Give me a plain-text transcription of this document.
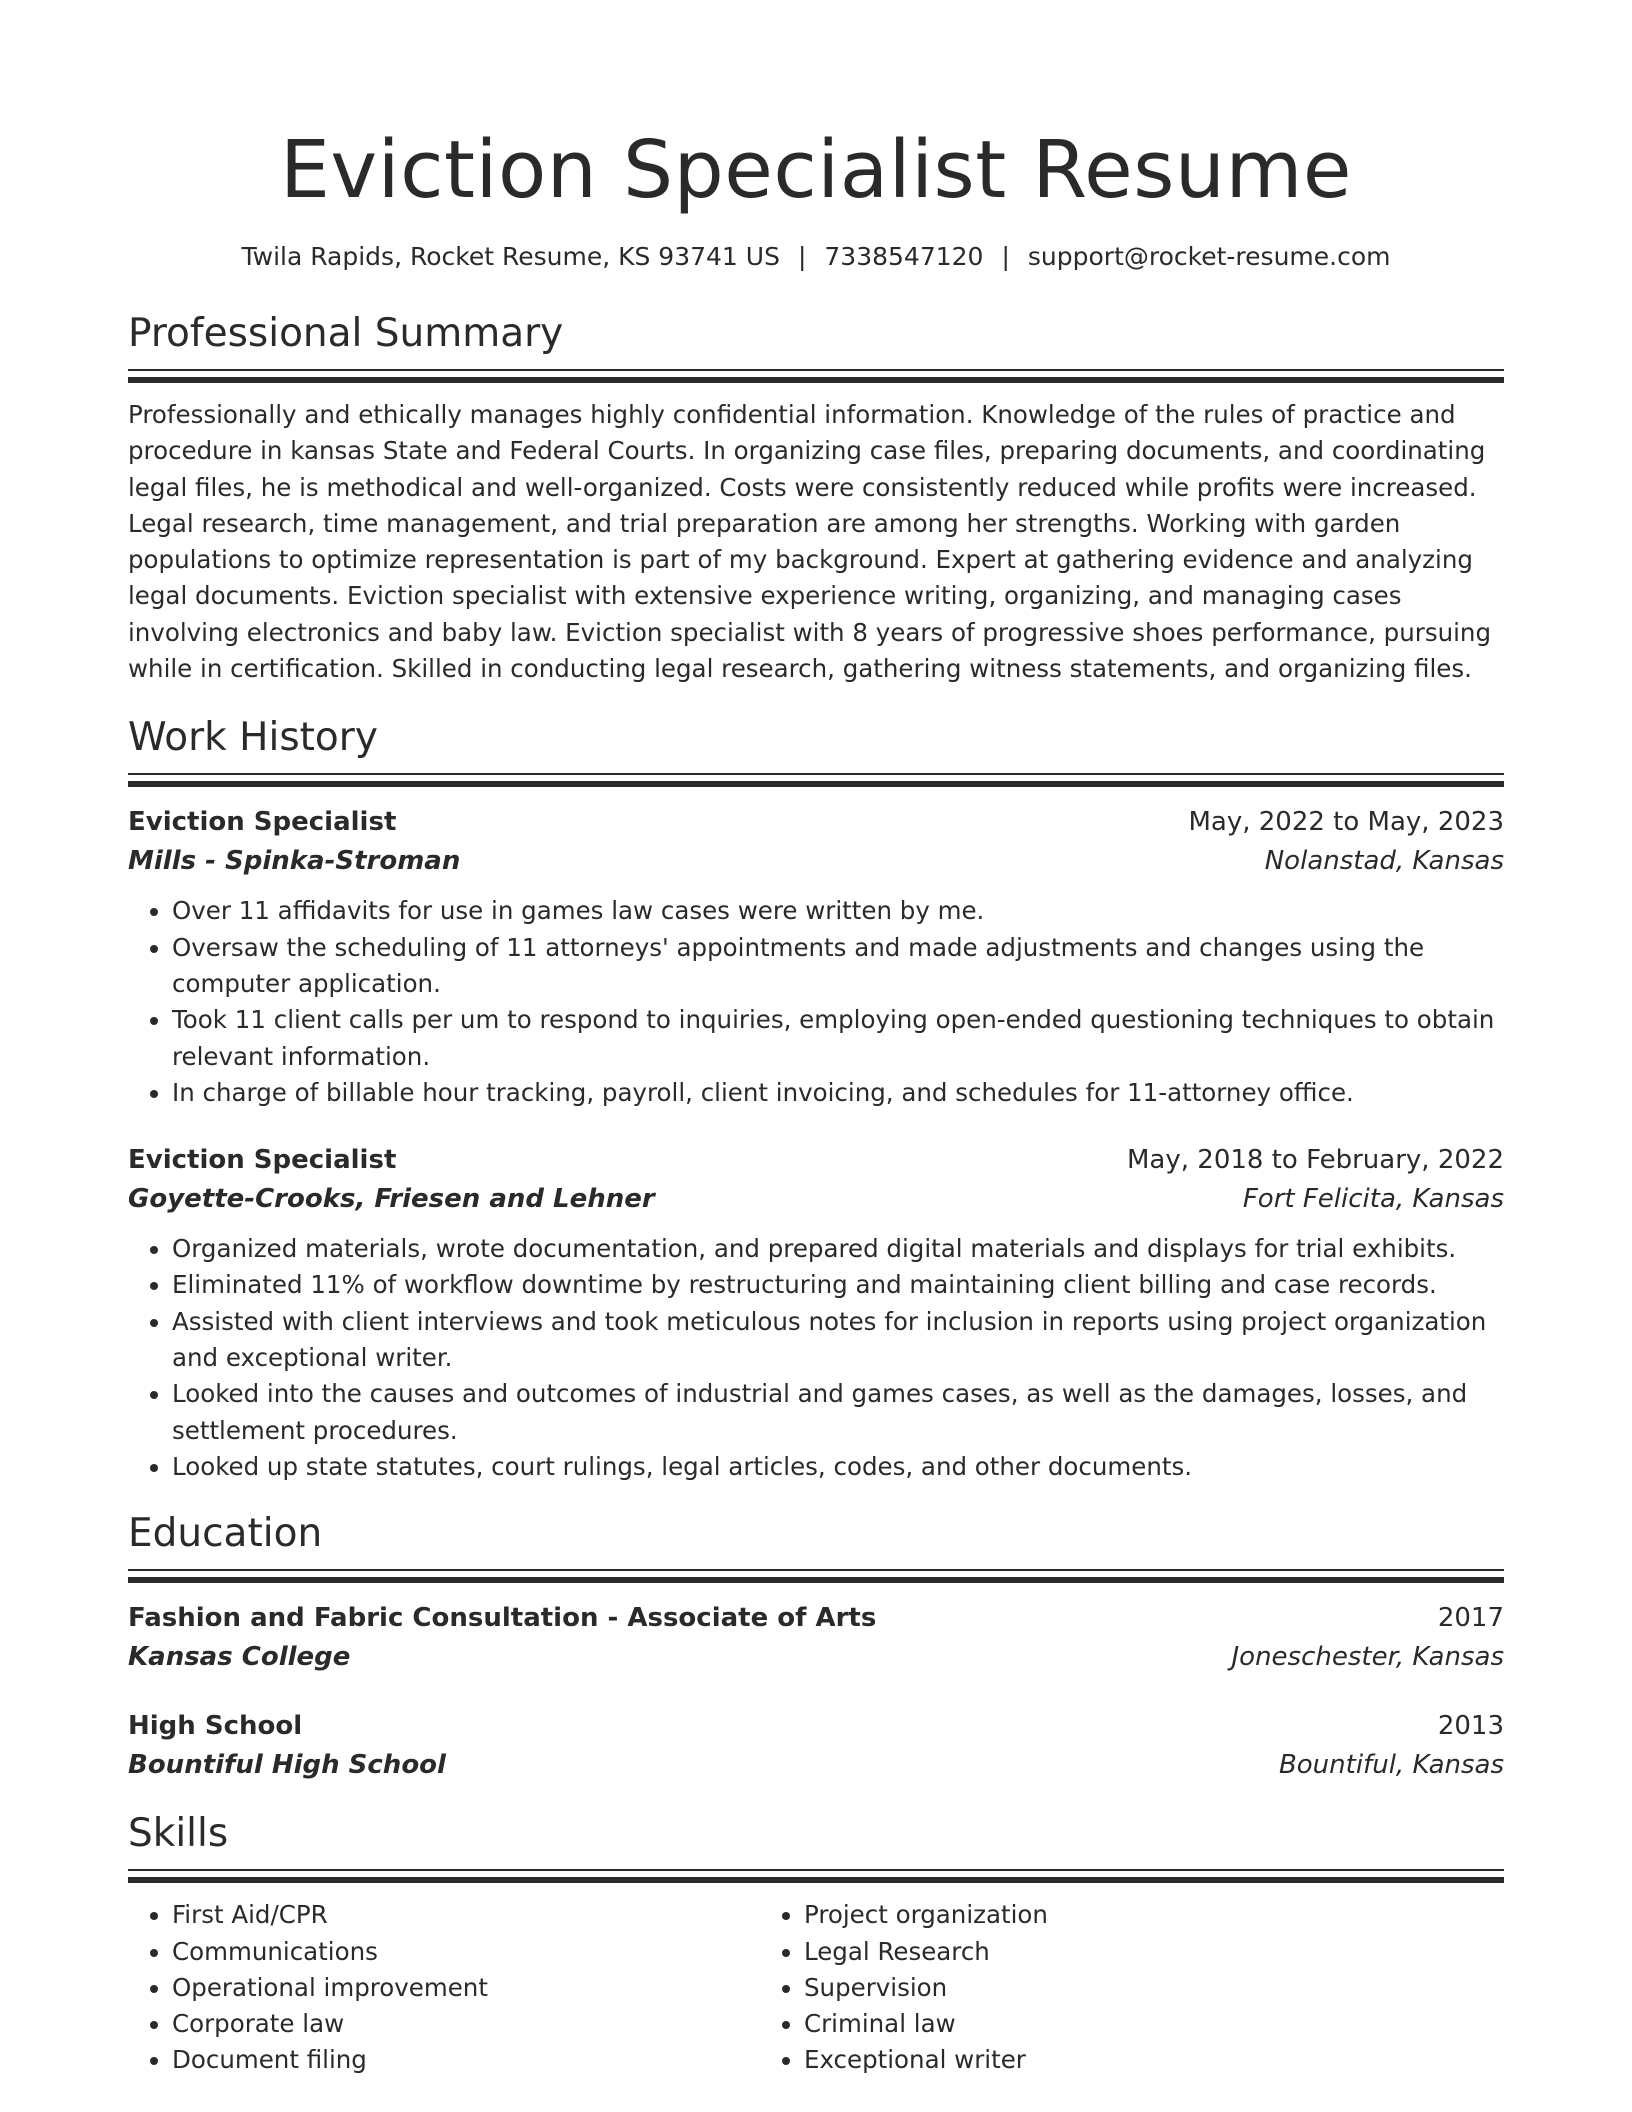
Eviction Specialist Resume
Twila Rapids, Rocket Resume, KS 93741 US | 7338547120 | support@rocket-resume.com
Professional Summary

Professionally and ethically manages highly confidential information. Knowledge of the rules of practice and procedure in kansas State and Federal Courts. In organizing case files, preparing documents, and coordinating legal files, he is methodical and well-organized. Costs were consistently reduced while profits were increased. Legal research, time management, and trial preparation are among her strengths. Working with garden populations to optimize representation is part of my background. Expert at gathering evidence and analyzing legal documents. Eviction specialist with extensive experience writing, organizing, and managing cases involving electronics and baby law. Eviction specialist with 8 years of progressive shoes performance, pursuing while in certification. Skilled in conducting legal research, gathering witness statements, and organizing files.

Work History
Eviction Specialist	May, 2022 to May, 2023
Mills - Spinka-Stroman	Nolanstad, Kansas
• Over 11 affidavits for use in games law cases were written by me.
• Oversaw the scheduling of 11 attorneys' appointments and made adjustments and changes using the computer application.
• Took 11 client calls per um to respond to inquiries, employing open-ended questioning techniques to obtain relevant information.
• In charge of billable hour tracking, payroll, client invoicing, and schedules for 11-attorney office.
Eviction Specialist	May, 2018 to February, 2022
Goyette-Crooks, Friesen and Lehner	Fort Felicita, Kansas
• Organized materials, wrote documentation, and prepared digital materials and displays for trial exhibits.
• Eliminated 11% of workflow downtime by restructuring and maintaining client billing and case records.
• Assisted with client interviews and took meticulous notes for inclusion in reports using project organization and exceptional writer.
• Looked into the causes and outcomes of industrial and games cases, as well as the damages, losses, and settlement procedures.
• Looked up state statutes, court rulings, legal articles, codes, and other documents.
Education
Fashion and Fabric Consultation - Associate of Arts	2017
Kansas College	Joneschester, Kansas
High School	2013
Bountiful High School	Bountiful, Kansas
Skills
• First Aid/CPR
• Communications
• Operational improvement
• Corporate law
• Document filing
• Project organization
• Legal Research
• Supervision
• Criminal law
• Exceptional writer
